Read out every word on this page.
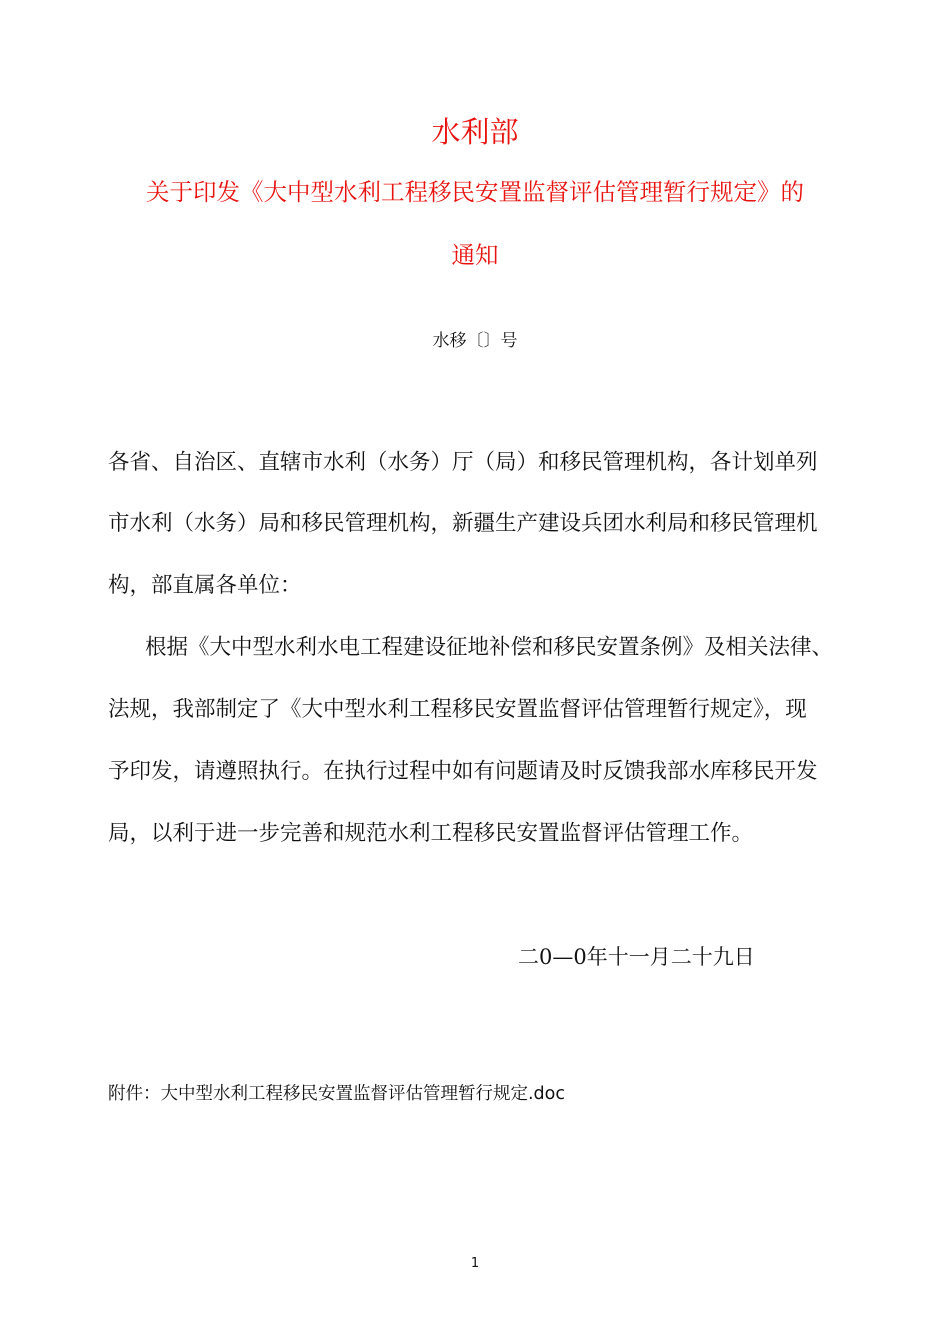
水利部
关于印发《大中型水利工程移民安置监督评估管理暂行规定》的
通知
水移〔〕号
各省、自治区、直辖市水利（水务）厅（局）和移民管理机构，各计划单列
市水利（水务）局和移民管理机构，新疆生产建设兵团水利局和移民管理机
构，部直属各单位：
根据《大中型水利水电工程建设征地补偿和移民安置条例》及相关法律、
法规，我部制定了《大中型水利工程移民安置监督评估管理暂行规定》，现
予印发，请遵照执行。在执行过程中如有问题请及时反馈我部水库移民开发
局，以利于进一步完善和规范水利工程移民安置监督评估管理工作。
二0—0年十一月二十九日
附件：大中型水利工程移民安置监督评估管理暂行规定.doc
1
